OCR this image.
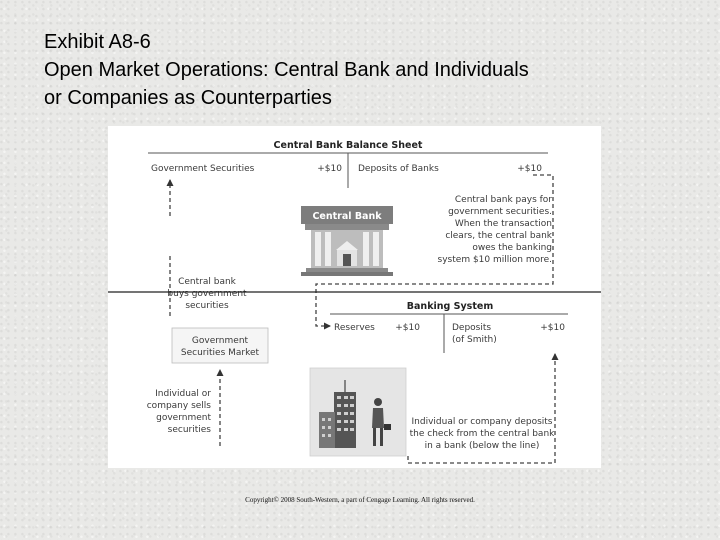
Exhibit A8-6
Open Market Operations: Central Bank and Individuals
or Companies as Counterparties
Central Bank Balance Sheet
Government Securities	+$10 Deposits of Banks	+$10
Central Bank
Central bank pays for
government securities.
When the transaction
clears, the central bank
owes the banking
system $10 million more.
Central bank
buys government
securities
Government
Securities Market
Banking System
Reserves +$10	Deposits
(of Smith)
+$10
Individual or
company sells
government
securities
Individual or company deposits
the check from the central bank
in a bank (below the line)
Copyright© 2008 South-Western, a part of Cengage Learning. All rights reserved.
